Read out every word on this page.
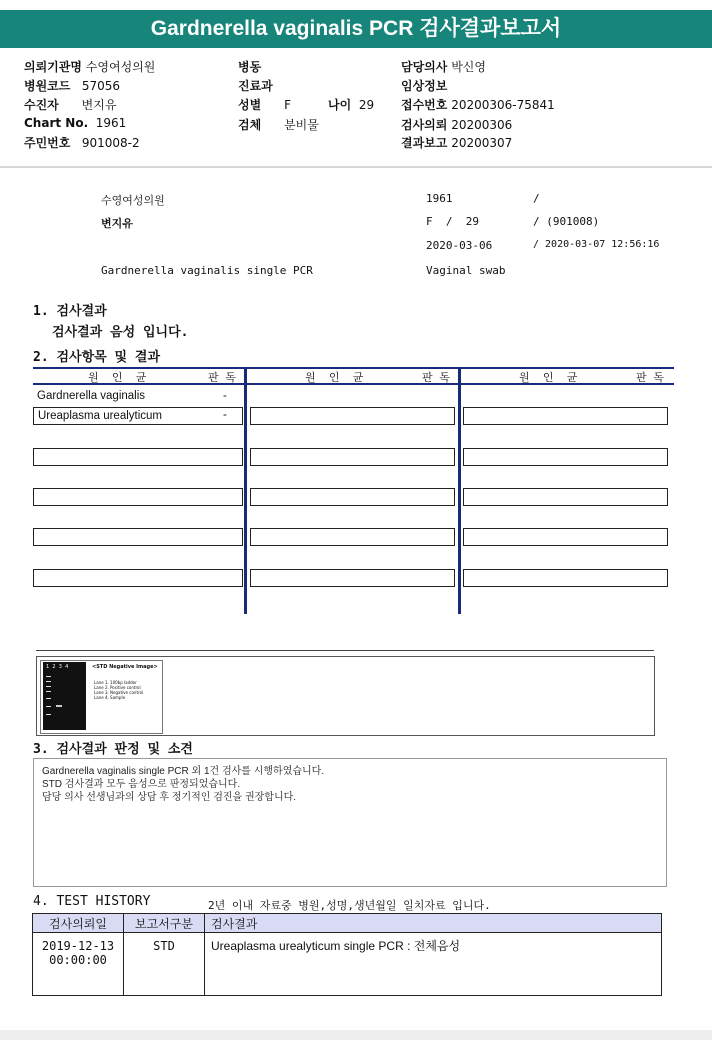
Gardnerella vaginalis PCR 검사결과보고서
의뢰기관명 수영여성의원
병원코드 57056
수진자 변지유
Chart No. 1961
주민번호 901008-2
병동
진료과
성별 F	나이 29
검체 분비물
담당의사 박신영
임상정보
접수번호 20200306-75841
검사의뢰 20200306
결과보고 20200307
수영여성의원	1961	/
변지유	F  /  29	/ (901008)
2020-03-06	/ 2020-03-07 12:56:16
Gardnerella vaginalis single PCR	Vaginal swab
1. 검사결과
검사결과 음성 입니다.
2. 검사항목 및 결과
원  인  균	판 독	원  인  균	판 독	원  인  균	판 독
Gardnerella vaginalis	-
Ureaplasma urealyticum	-
1  2  3  4	<STD Negative Image>
Lane 1. 100bp ladder
Lane 2. Positive control
Lane 3. Negative control
Lane 4. Sample
3. 검사결과 판정 및 소견
Gardnerella vaginalis single PCR 외 1건 검사를 시행하였습니다.
STD 검사결과 모두 음성으로 판정되었습니다.
담당 의사 선생님과의 상담 후 정기적인 검진을 권장합니다.
4. TEST HISTORY	2년 이내 자료중 병원,성명,생년월일 일치자료 입니다.
검사의뢰일	보고서구분	검사결과

2019-12-13
00:00:00	STD	Ureaplasma urealyticum single PCR : 전체음성
